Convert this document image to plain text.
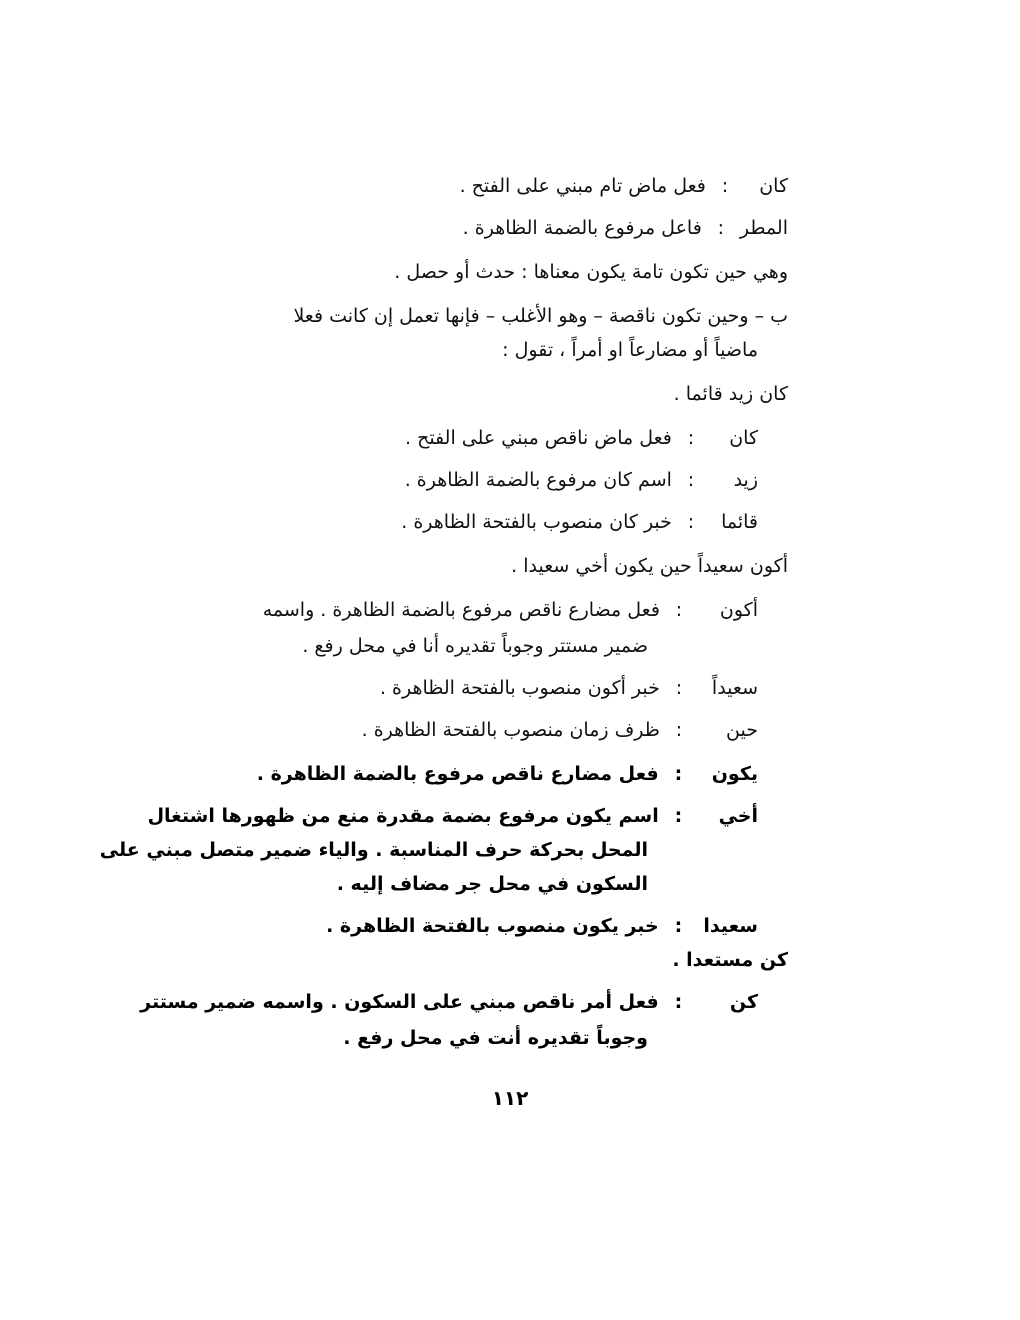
كان : فعل ماض تام مبني على الفتح .
المطر : فاعل مرفوع بالضمة الظاهرة .
وهي حين تكون تامة يكون معناها : حدث أو حصل .
ب – وحين تكون ناقصة – وهو الأغلب – فإنها تعمل إن كانت فعلا
ماضياً أو مضارعاً او أمراً ، تقول :
كان زيد قائما .
كان : فعل ماض ناقص مبني على الفتح .
زيد : اسم كان مرفوع بالضمة الظاهرة .
قائما : خبر كان منصوب بالفتحة الظاهرة .
أكون سعيداً حين يكون أخي سعيدا .
أكون : فعل مضارع ناقص مرفوع بالضمة الظاهرة . واسمه
ضمير مستتر وجوباً تقديره أنا في محل رفع .
سعيداً : خبر أكون منصوب بالفتحة الظاهرة .
حين : ظرف زمان منصوب بالفتحة الظاهرة .
يكون : فعل مضارع ناقص مرفوع بالضمة الظاهرة .
أخي : اسم يكون مرفوع بضمة مقدرة منع من ظهورها اشتغال
المحل بحركة حرف المناسبة . والياء ضمير متصل مبني على
السكون في محل جر مضاف إليه .
سعيدا : خبر يكون منصوب بالفتحة الظاهرة .
كن مستعدا .
كن : فعل أمر ناقص مبني على السكون . واسمه ضمير مستتر
وجوباً تقديره أنت في محل رفع .
١١٢
